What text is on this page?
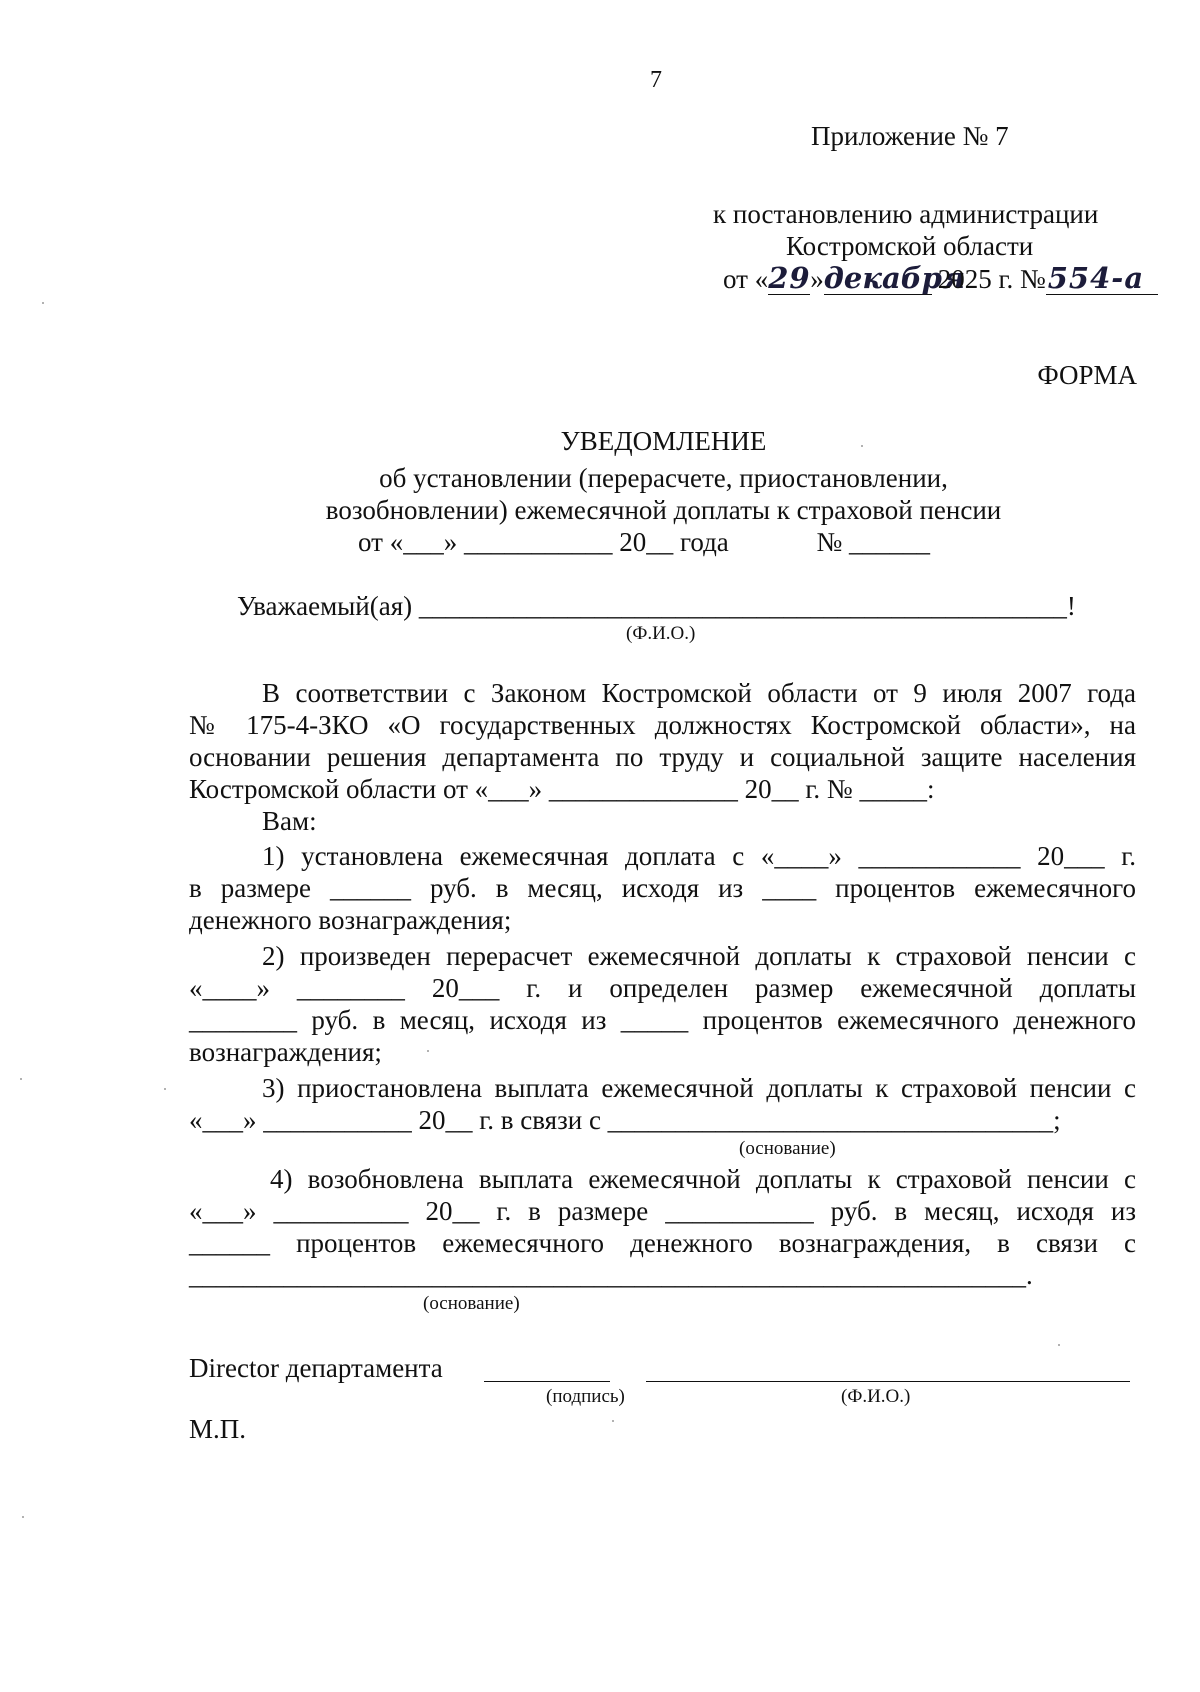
7
Приложение № 7
к постановлению администрации
Костромской области
от «29»декабря2025 г. №554-а
ФОРМА
УВЕДОМЛЕНИЕ
об установлении (перерасчете, приостановлении,
возобновлении) ежемесячной доплаты к страховой пенсии
от «___» ___________ 20__ года             № ______
Уважаемый(ая) ________________________________________________!
(Ф.И.О.)
В соответствии с Законом Костромской области от 9 июля 2007 года
№ 175-4-ЗКО «О государственных должностях Костромской области», на
основании решения департамента по труду и социальной защите населения
Костромской области от «___» ______________ 20__ г. № _____:
Вам:
1) установлена ежемесячная доплата с «____» ____________ 20___ г.
в размере ______ руб. в месяц, исходя из ____ процентов ежемесячного
денежного вознаграждения;
2) произведен перерасчет ежемесячной доплаты к страховой пенсии с
«____» ________ 20___ г. и определен размер ежемесячной доплаты
________ руб. в месяц, исходя из _____ процентов ежемесячного денежного
вознаграждения;
3) приостановлена выплата ежемесячной доплаты к страховой пенсии с
«___» ___________ 20__ г. в связи с _________________________________;
(основание)
4) возобновлена выплата ежемесячной доплаты к страховой пенсии с
«___» __________ 20__ г. в размере ___________ руб. в месяц, исходя из
______ процентов ежемесячного денежного вознаграждения, в связи с
______________________________________________________________.
(основание)
Director департамента
(подпись)	(Ф.И.О.)
М.П.
